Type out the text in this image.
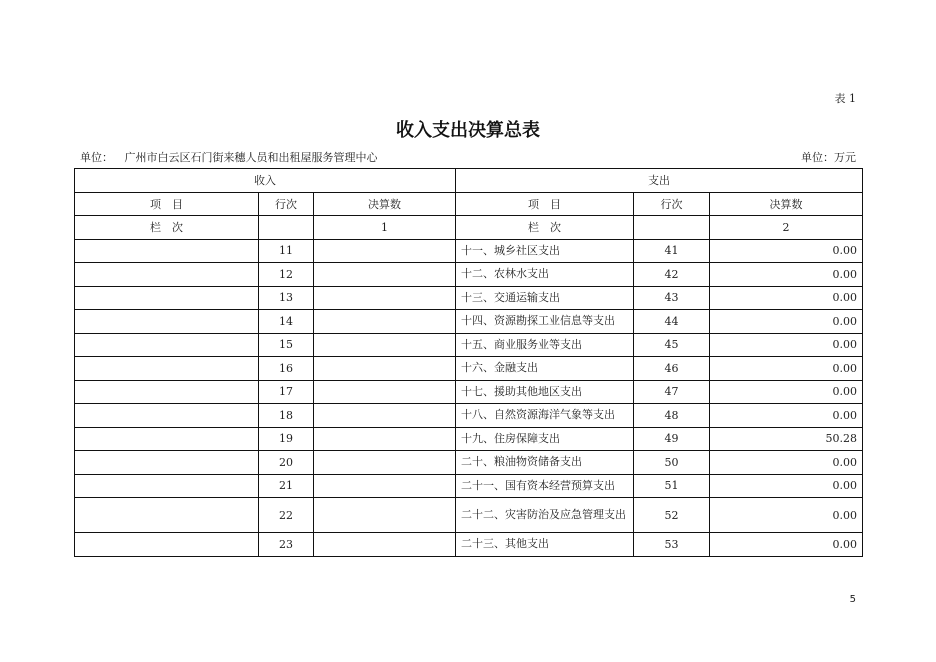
表 1
收入支出决算总表
单位： 广州市白云区石门街来穗人员和出租屋服务管理中心	单位：万元
收入			支出		
项　目	行次	决算数	项　目	行次	决算数
栏　次		1	栏　次		2
	11		十一、城乡社区支出	41	0.00
	12		十二、农林水支出	42	0.00
	13		十三、交通运输支出	43	0.00
	14		十四、资源勘探工业信息等支出	44	0.00
	15		十五、商业服务业等支出	45	0.00
	16		十六、金融支出	46	0.00
	17		十七、援助其他地区支出	47	0.00
	18		十八、自然资源海洋气象等支出	48	0.00
	19		十九、住房保障支出	49	50.28
	20		二十、粮油物资储备支出	50	0.00
	21		二十一、国有资本经营预算支出	51	0.00
	22		二十二、灾害防治及应急管理支出	52	0.00
	23		二十三、其他支出	53	0.00
5
